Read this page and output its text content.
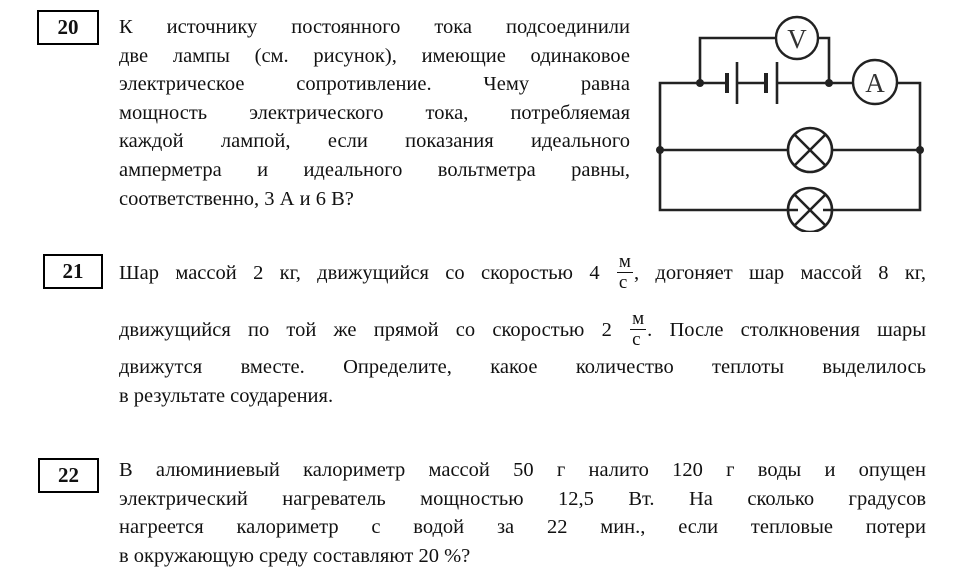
20	К источнику постоянного тока подсоединили
две лампы (см. рисунок), имеющие одинаковое
электрическое сопротивление. Чему равна
мощность электрического тока, потребляемая
каждой лампой, если показания идеального
амперметра и идеального вольтметра равны,
соответственно, 3 А и 6 В?
V
A
21	Шар массой 2 кг, движущийся со скоростью $4 \frac{м}{с}$ , догоняет шар массой 8 кг,
движущийся по той же прямой со скоростью $2 \frac{м}{с}$ . После столкновения шары
движутся вместе. Определите, какое количество теплоты выделилось
в результате соударения.
22	В алюминиевый калориметр массой 50 г налито 120 г воды и опущен
электрический нагреватель мощностью 12,5 Вт. На сколько градусов
нагреется калориметр с водой за 22 мин., если тепловые потери
в окружающую среду составляют 20 %?
